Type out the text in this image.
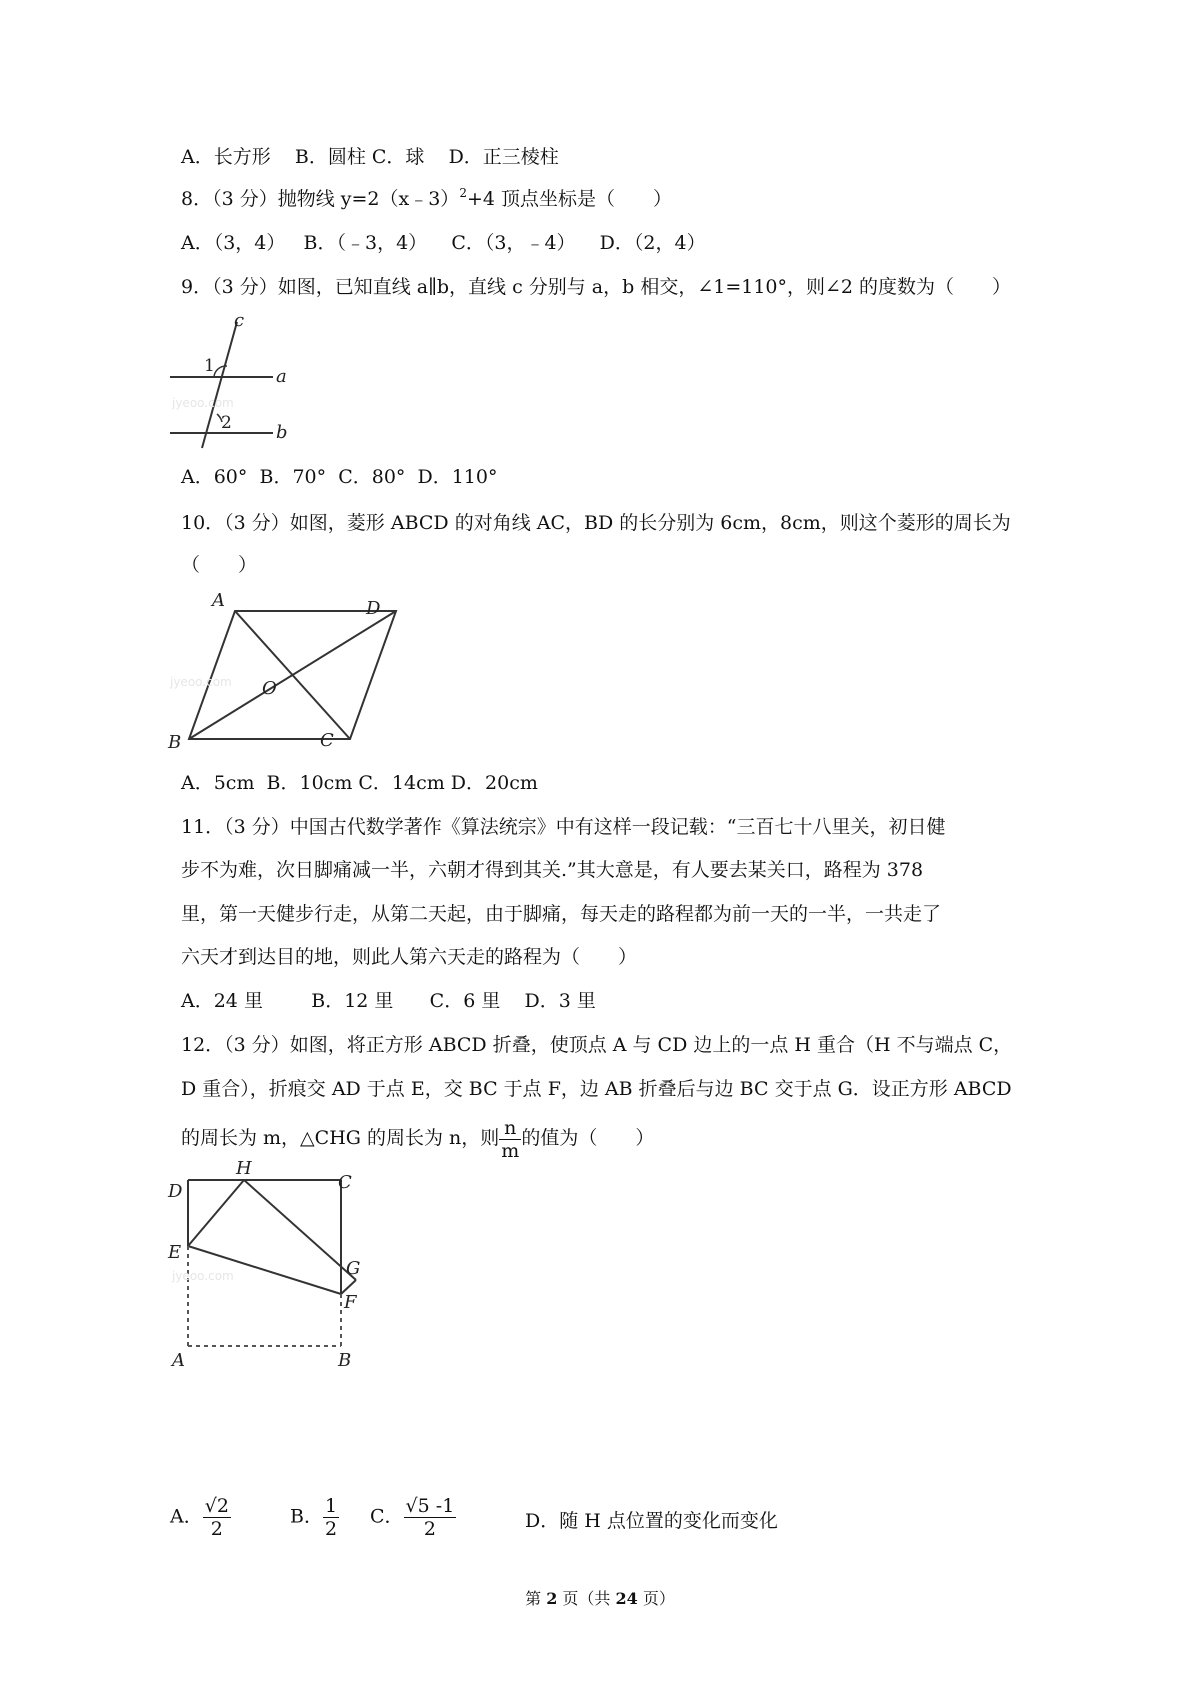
A．长方形    B．圆柱 C．球    D．正三棱柱
8．（3 分）抛物线 y=2（x﹣3）$^2$+4 顶点坐标是（　　）
A．（3，4）   B．（﹣3，4）    C．（3，﹣4）    D．（2，4）
9．（3 分）如图，已知直线 a∥b，直线 c 分别与 a，b 相交，∠1=110°，则∠2 的度数为（　　）
c
a
b
1
2
jyeoo.com
A．60°  B．70°  C．80°  D．110°
10．（3 分）如图，菱形 ABCD 的对角线 AC，BD 的长分别为 6cm，8cm，则这个菱形的周长为
（　　）
A	D
B	C
O
jyeoo.com
A．5cm  B．10cm C．14cm D．20cm
11．（3 分）中国古代数学著作《算法统宗》中有这样一段记载：“三百七十八里关，初日健
步不为难，次日脚痛减一半，六朝才得到其关.”其大意是，有人要去某关口，路程为 378
里，第一天健步行走，从第二天起，由于脚痛，每天走的路程都为前一天的一半，一共走了
六天才到达目的地，则此人第六天走的路程为（　　）
A．24 里        B．12 里      C．6 里    D．3 里
12．（3 分）如图，将正方形 ABCD 折叠，使顶点 A 与 CD 边上的一点 H 重合（H 不与端点 C，
D 重合），折痕交 AD 于点 E，交 BC 于点 F，边 AB 折叠后与边 BC 交于点 G．设正方形 ABCD
的周长为 m，△CHG 的周长为 n，则 $\frac{n}{m}$ 的值为（　　）
D
H
C
E
G
F
A	B
jyeoo.com
A． $\frac{√2}{2}$	B． $\frac{1}{2}$ C． $\frac{√5 -1}{2}$	D．随 H 点位置的变化而变化
第 2 页（共 24 页）
